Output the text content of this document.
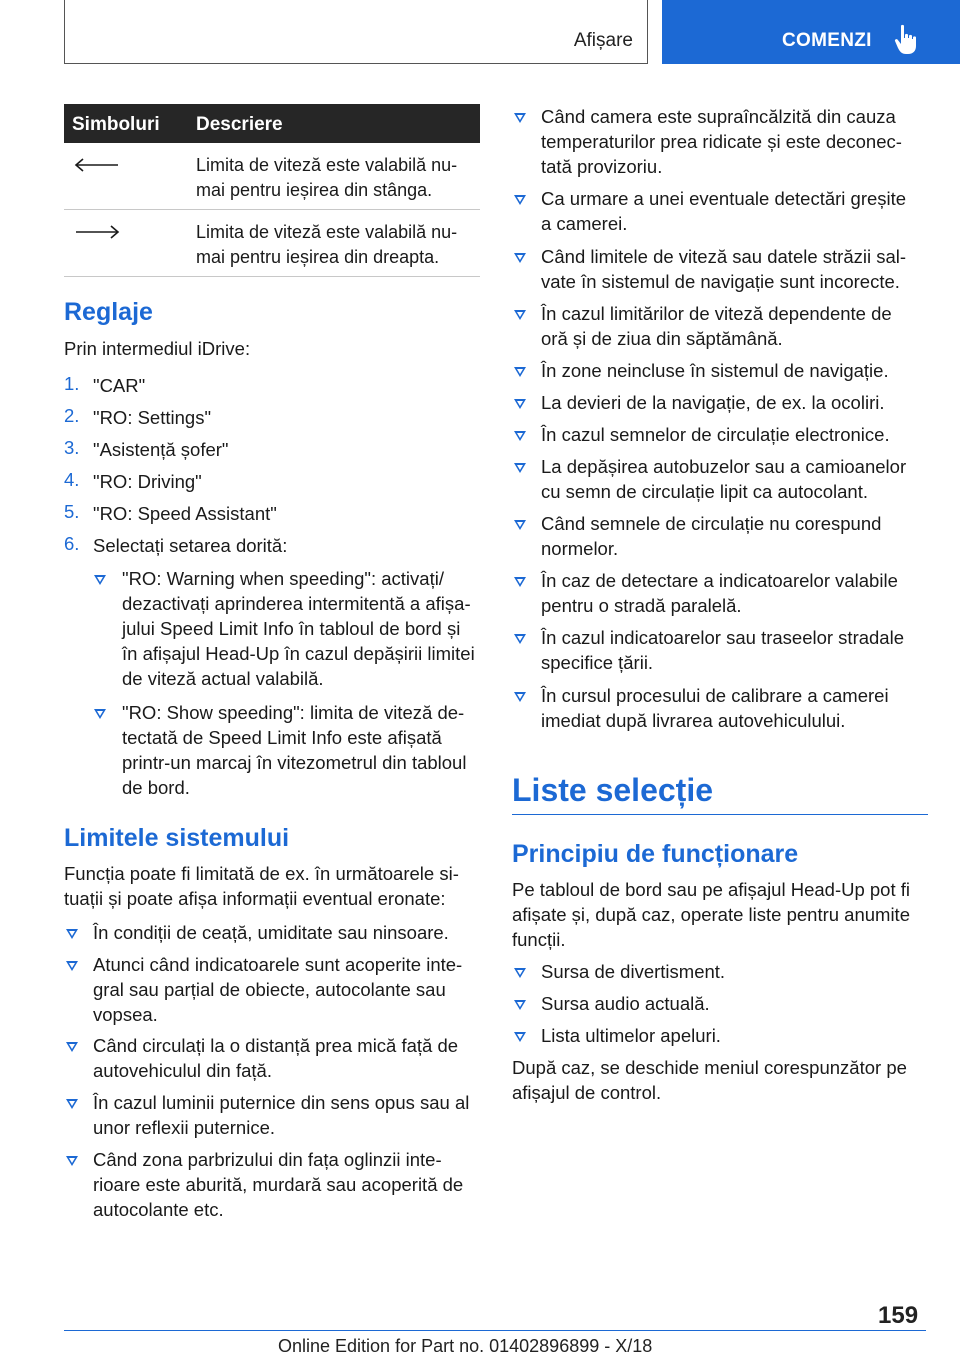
Afișare	COMENZI
Simboluri Descriere
Limita de viteză este valabilă nu‐
mai pentru ieșirea din stânga.
Limita de viteză este valabilă nu‐
mai pentru ieșirea din dreapta.
Reglaje

Prin intermediul iDrive:

1. "CAR"

2. "RO: Settings"

3. "Asistență șofer"

4. "RO: Driving"

5. "RO: Speed Assistant"

6. Selectați setarea dorită:

"RO: Warning when speeding": activați/
dezactivați aprinderea intermitentă a afișa‐
jului Speed Limit Info în tabloul de bord și
în afișajul Head-Up în cazul depășirii limitei
de viteză actual valabilă.
"RO: Show speeding": limita de viteză de‐
tectată de Speed Limit Info este afișată
printr-un marcaj în vitezometrul din tabloul
de bord.
Limitele sistemului
Funcția poate fi limitată de ex. în următoarele si‐
tuații și poate afișa informații eventual eronate:
În condiții de ceață, umiditate sau ninsoare.
Atunci când indicatoarele sunt acoperite inte‐
gral sau parțial de obiecte, autocolante sau
vopsea.
Când circulați la o distanță prea mică față de
autovehiculul din față.
În cazul luminii puternice din sens opus sau al
unor reflexii puternice.
Când zona parbrizului din fața oglinzii inte‐
rioare este aburită, murdară sau acoperită de
autocolante etc.
Când camera este supraîncălzită din cauza
temperaturilor prea ridicate și este deconec‐
tată provizoriu.
Ca urmare a unei eventuale detectări greșite
a camerei.
Când limitele de viteză sau datele străzii sal‐
vate în sistemul de navigație sunt incorecte.
În cazul limitărilor de viteză dependente de
oră și de ziua din săptămână.
În zone neincluse în sistemul de navigație.
La devieri de la navigație, de ex. la ocoliri.
În cazul semnelor de circulație electronice.
La depășirea autobuzelor sau a camioanelor
cu semn de circulație lipit ca autocolant.
Când semnele de circulație nu corespund
normelor.
În caz de detectare a indicatoarelor valabile
pentru o stradă paralelă.
În cazul indicatoarelor sau traseelor stradale
specifice țării.
În cursul procesului de calibrare a camerei
imediat după livrarea autovehiculului.
Liste selecție
Principiu de funcționare
Pe tabloul de bord sau pe afișajul Head-Up pot fi
afișate și, după caz, operate liste pentru anumite
funcții.
Sursa de divertisment.
Sursa audio actuală.
Lista ultimelor apeluri.
După caz, se deschide meniul corespunzător pe
afișajul de control.
159
Online Edition for Part no. 01402896899 - X/18
